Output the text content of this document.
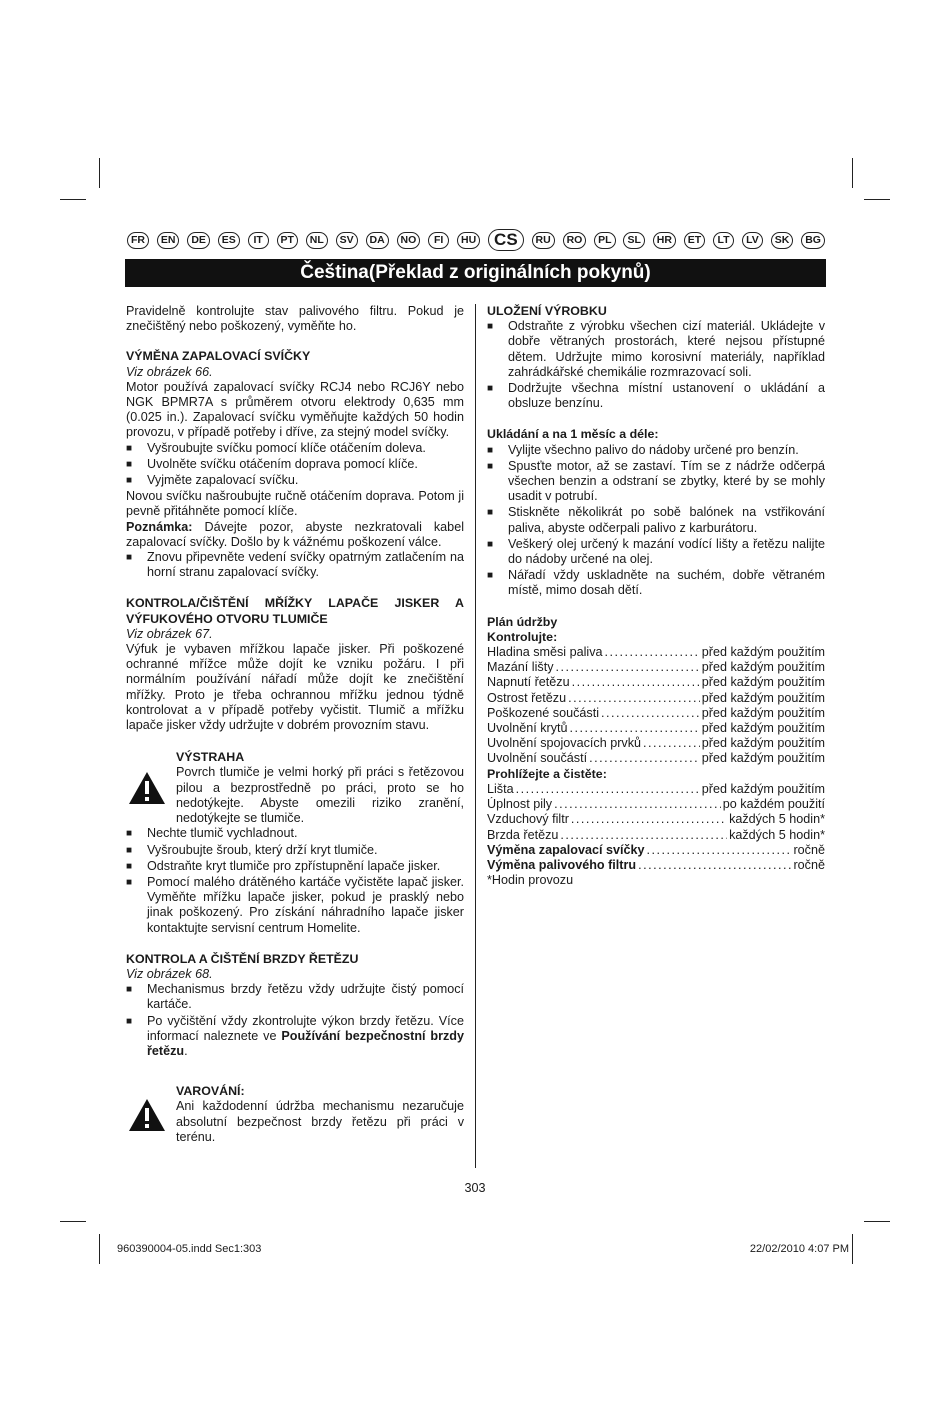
FR	EN	DE	ES	IT	PT	NL	SV	DA	NO	FI	HU	CS	RU	RO	PL	SL	HR	ET	LT	LV	SK	BG
Čeština(Překlad z originálních pokynů)

Pravidelně kontrolujte stav palivového filtru. Pokud je znečištěný nebo poškozený, vyměňte ho.

VÝMĚNA ZAPALOVACÍ SVÍČKY
Viz obrázek 66.

Motor používá zapalovací svíčky RCJ4 nebo RCJ6Y nebo NGK BPMR7A s průměrem otvoru elektrody 0,635 mm (0.025 in.). Zapalovací svíčku vyměňujte každých 50 hodin provozu, v případě potřeby i dříve, za stejný model svíčky.

■	Vyšroubujte svíčku pomocí klíče otáčením doleva.
■	Uvolněte svíčku otáčením doprava pomocí klíče.
■	Vyjměte zapalovací svíčku.

Novou svíčku našroubujte ručně otáčením doprava. Potom ji pevně přitáhněte pomocí klíče.

Poznámka: Dávejte pozor, abyste nezkratovali kabel zapalovací svíčky. Došlo by k vážnému poškození válce.

■	Znovu připevněte vedení svíčky opatrným zatlačením na horní stranu zapalovací svíčky.
KONTROLA/ČIŠTĚNÍ MŘÍŽKY LAPAČE JISKER A VÝFUKOVÉHO OTVORU TLUMIČE
Viz obrázek 67.

Výfuk je vybaven mřížkou lapače jisker. Při poškozené ochranné mřížce může dojít ke vzniku požáru. I při normálním používání nářadí může dojít ke znečištění mřížky. Proto je třeba ochrannou mřížku jednou týdně kontrolovat a v případě potřeby vyčistit. Tlumič a mřížku lapače jisker vždy udržujte v dobrém provozním stavu.

VÝSTRAHA

Povrch tlumiče je velmi horký při práci s řetězovou pilou a bezprostředně po práci, proto se ho nedotýkejte. Abyste omezili riziko zranění, nedotýkejte se tlumiče.

■	Nechte tlumič vychladnout.
■	Vyšroubujte šroub, který drží kryt tlumiče.
■	Odstraňte kryt tlumiče pro zpřístupnění lapače jisker.
■	Pomocí malého drátěného kartáče vyčistěte lapač jisker. Vyměňte mřížku lapače jisker, pokud je prasklý nebo jinak poškozený. Pro získání náhradního lapače jisker kontaktujte servisní centrum Homelite.
KONTROLA A ČIŠTĚNÍ BRZDY ŘETĚZU
Viz obrázek 68.
■	Mechanismus brzdy řetězu vždy udržujte čistý pomocí kartáče.
■	Po vyčištění vždy zkontrolujte výkon brzdy řetězu. Více informací naleznete ve Používání bezpečnostní brzdy řetězu.
VAROVÁNÍ:

Ani každodenní údržba mechanismu nezaručuje absolutní bezpečnost brzdy řetězu při práci v terénu.

ULOŽENÍ VÝROBKU
■	Odstraňte z výrobku všechen cizí materiál. Ukládejte v dobře větraných prostorách, které nejsou přístupné dětem. Udržujte mimo korosivní materiály, například zahrádkářské chemikálie rozmrazovací soli.
■	Dodržujte všechna místní ustanovení o ukládání a obsluze benzínu.
Ukládání a na 1 měsíc a déle:
■	Vylijte všechno palivo do nádoby určené pro benzín.
■	Spusťte motor, až se zastaví. Tím se z nádrže odčerpá všechen benzin a odstraní se zbytky, které by se mohly usadit v potrubí.
■	Stiskněte několikrát po sobě balónek na vstřikování paliva, abyste odčerpali palivo z karburátoru.
■	Veškerý olej určený k mazání vodící lišty a řetězu nalijte do nádoby určené na olej.
■	Nářadí vždy uskladněte na suchém, dobře větraném místě, mimo dosah dětí.
Plán údržby
Kontrolujte:
Hladina směsi paliva . . .	před každým použitím
Mazání lišty . . .	před každým použitím
Napnutí řetězu . . .	před každým použitím
Ostrost řetězu . . .	před každým použitím
Poškozené součásti . . .	před každým použitím
Uvolnění krytů . . .	před každým použitím
Uvolnění spojovacích prvků . . .	před každým použitím
Uvolnění součástí . . .	před každým použitím
Prohlížejte a čistěte:
Lišta . . .	před každým použitím
Úplnost pily . . .	po každém použití
Vzduchový filtr . . .	každých 5 hodin*
Brzda řetězu . . .	každých 5 hodin*
Výměna zapalovací svíčky . . .	ročně
Výměna palivového filtru . . .	ročně
*Hodin provozu
303
960390004-05.indd Sec1:303	22/02/2010 4:07 PM
